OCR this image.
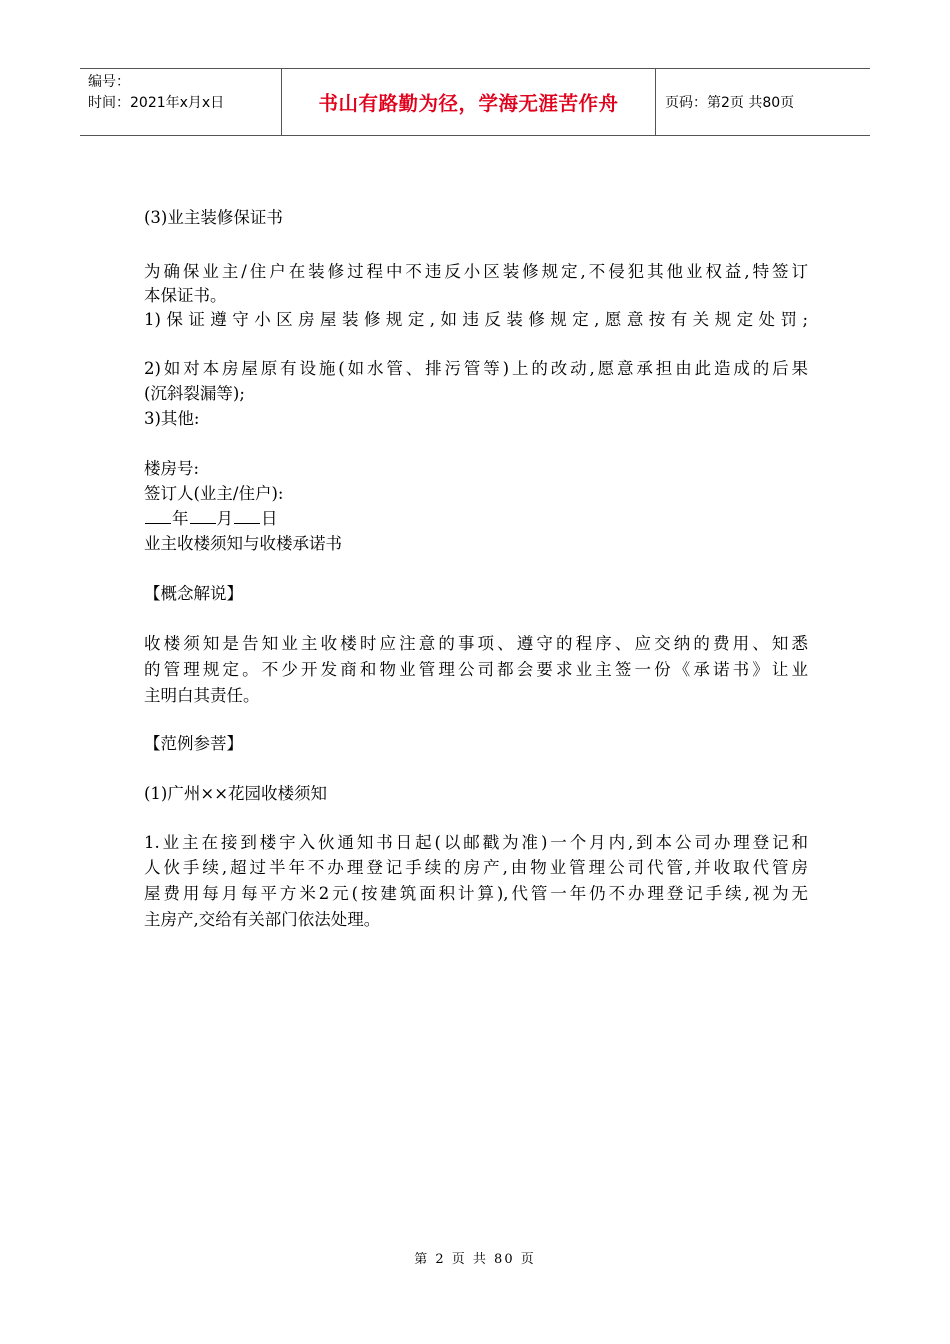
编号：
时间：2021年x月x日	书山有路勤为径，学海无涯苦作舟	页码：第2页 共80页
(3)业主装修保证书
为确保业主/住户在装修过程中不违反小区装修规定,不侵犯其他业权益,特签订
本保证书。
1)保证遵守小区房屋装修规定,如违反装修规定,愿意按有关规定处罚;
2)如对本房屋原有设施(如水管、排污管等)上的改动,愿意承担由此造成的后果
(沉斜裂漏等);
3)其他:
楼房号:
签订人(业主/住户):
年 月 日
业主收楼须知与收楼承诺书
【概念解说】
收楼须知是告知业主收楼时应注意的事项、遵守的程序、应交纳的费用、知悉
的管理规定。不少开发商和物业管理公司都会要求业主签一份《承诺书》让业
主明白其责任。
【范例参菩】
(1)广州××花园收楼须知
1.业主在接到楼宇入伙通知书日起(以邮戳为准)一个月内,到本公司办理登记和
人伙手续,超过半年不办理登记手续的房产,由物业管理公司代管,并收取代管房
屋费用每月每平方米2元(按建筑面积计算),代管一年仍不办理登记手续,视为无
主房产,交给有关部门依法处理。
第 2 页 共 80 页
